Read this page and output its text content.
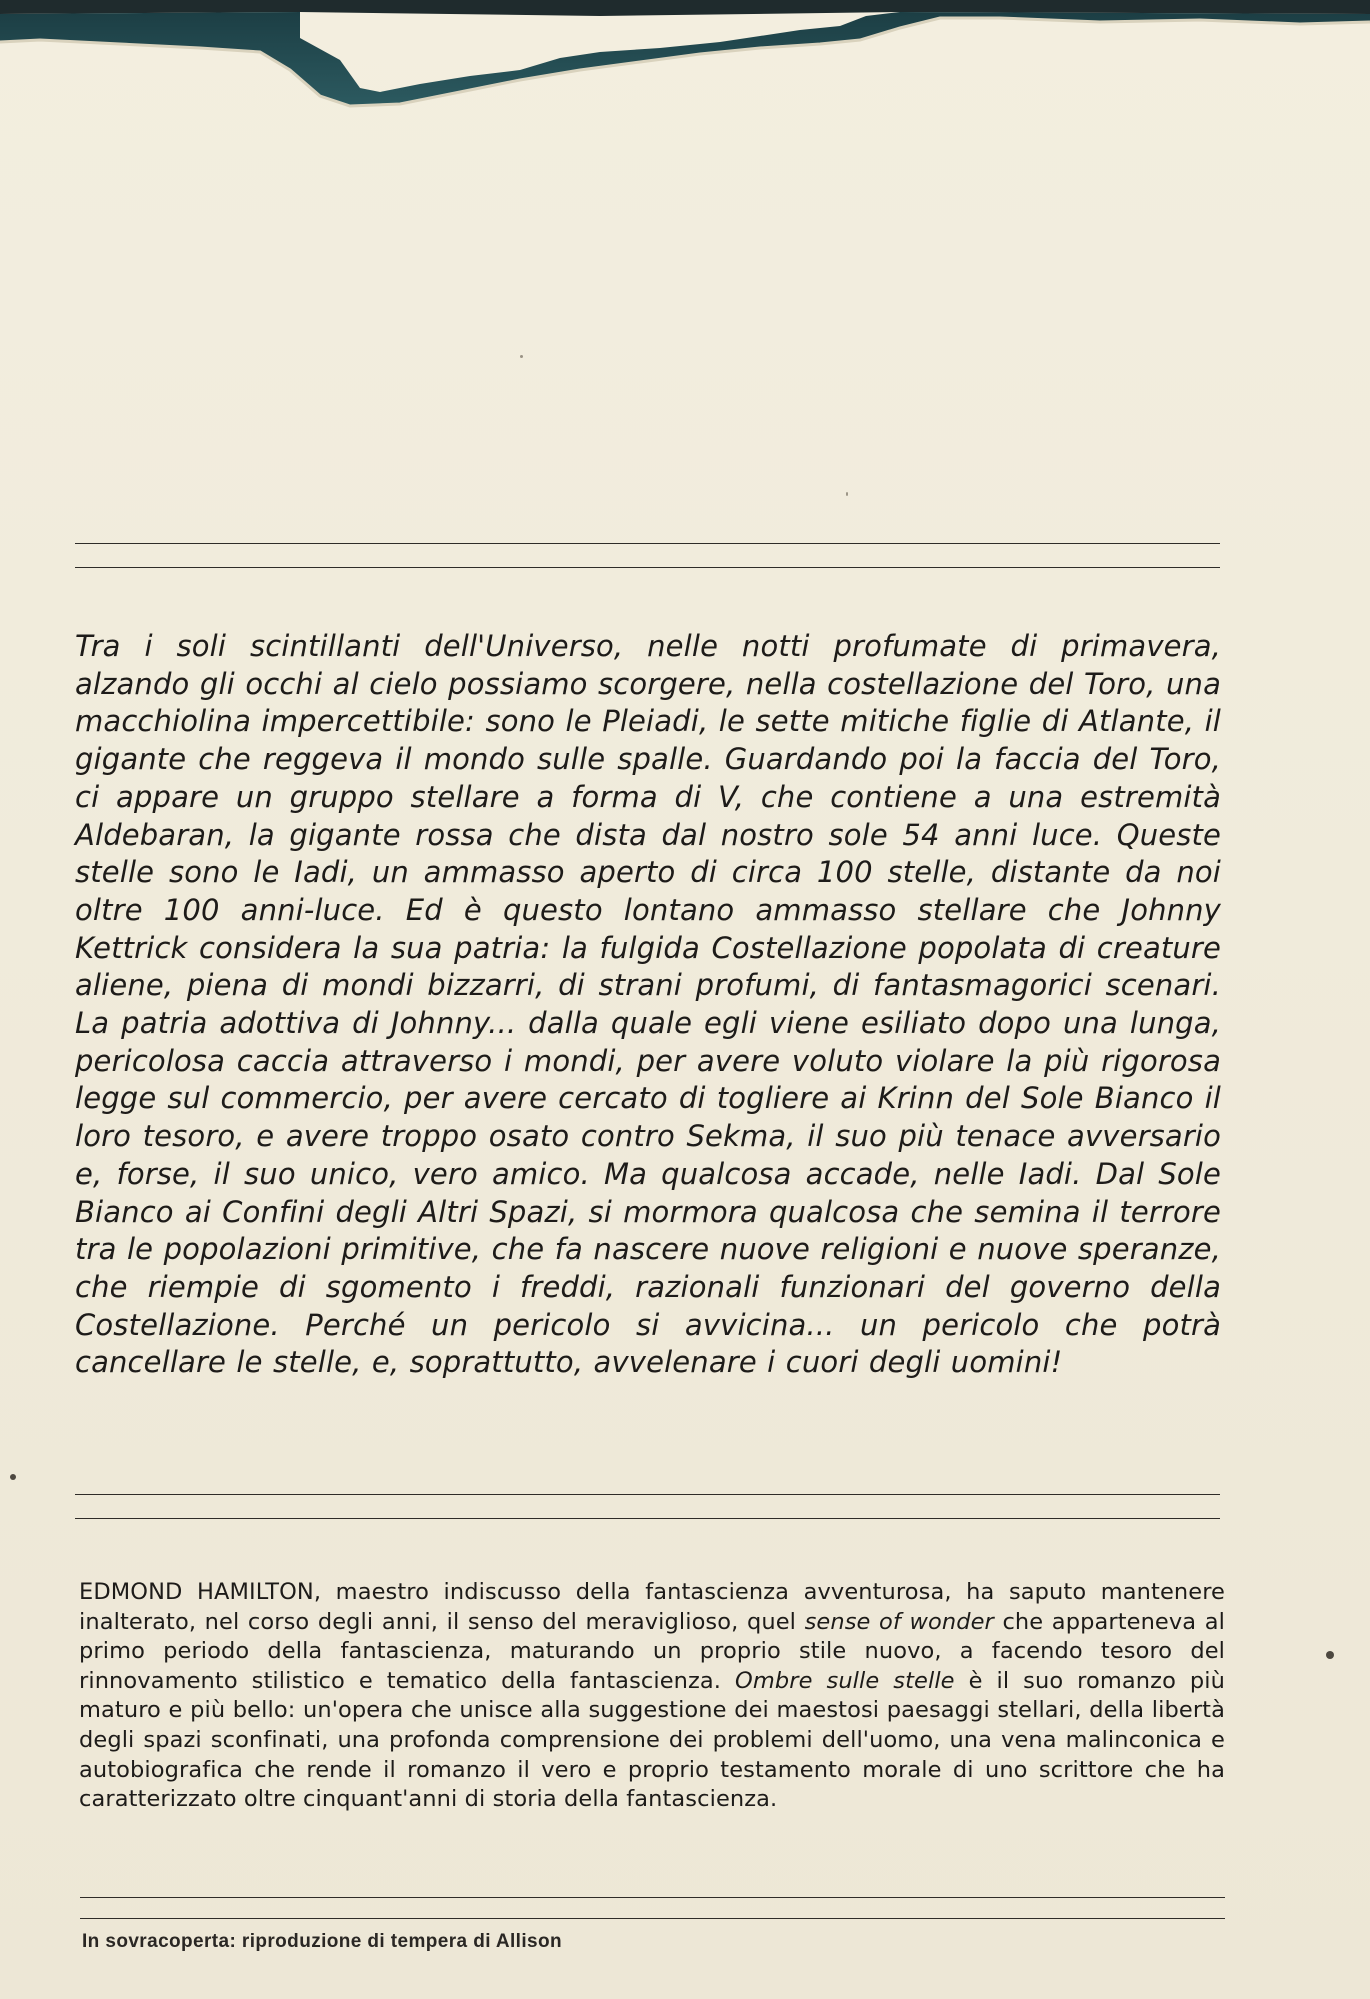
Tra i soli scintillanti dell'Universo, nelle notti profumate di primavera, alzando gli occhi al cielo possiamo scorgere, nella costellazione del Toro, una macchiolina impercettibile: sono le Pleiadi, le sette mitiche figlie di Atlante, il gigante che reggeva il mondo sulle spalle. Guardando poi la faccia del Toro, ci appare un gruppo stellare a forma di V, che contiene a una estremità Aldebaran, la gigante rossa che dista dal nostro sole 54 anni luce. Queste stelle sono le Iadi, un ammasso aperto di circa 100 stelle, distante da noi oltre 100 anni-luce. Ed è questo lontano ammasso stellare che Johnny Kettrick considera la sua patria: la fulgida Costellazione popolata di creature aliene, piena di mondi bizzarri, di strani profumi, di fantasmagorici scenari. La patria adottiva di Johnny... dalla quale egli viene esiliato dopo una lunga, pericolosa caccia attraverso i mondi, per avere voluto violare la più rigorosa legge sul commercio, per avere cercato di togliere ai Krinn del Sole Bianco il loro tesoro, e avere troppo osato contro Sekma, il suo più tenace avversario e, forse, il suo unico, vero amico. Ma qualcosa accade, nelle Iadi. Dal Sole Bianco ai Confini degli Altri Spazi, si mormora qualcosa che semina il terrore tra le popolazioni primitive, che fa nascere nuove religioni e nuove speranze, che riempie di sgomento i freddi, razionali funzionari del governo della Costellazione. Perché un pericolo si avvicina... un pericolo che potrà cancellare le stelle, e, soprattutto, avvelenare i cuori degli uomini!

EDMOND HAMILTON, maestro indiscusso della fantascienza avventurosa, ha saputo mantenere inalterato, nel corso degli anni, il senso del meraviglioso, quel sense of wonder che apparteneva al primo periodo della fantascienza, maturando un proprio stile nuovo, a facendo tesoro del rinnovamento stilistico e tematico della fantascienza. Ombre sulle stelle è il suo romanzo più maturo e più bello: un'opera che unisce alla suggestione dei maestosi paesaggi stellari, della libertà degli spazi sconfinati, una profonda comprensione dei problemi dell'uomo, una vena malinconica e autobiografica che rende il romanzo il vero e proprio testamento morale di uno scrittore che ha caratterizzato oltre cinquant'anni di storia della fantascienza.

In sovracoperta: riproduzione di tempera di Allison
